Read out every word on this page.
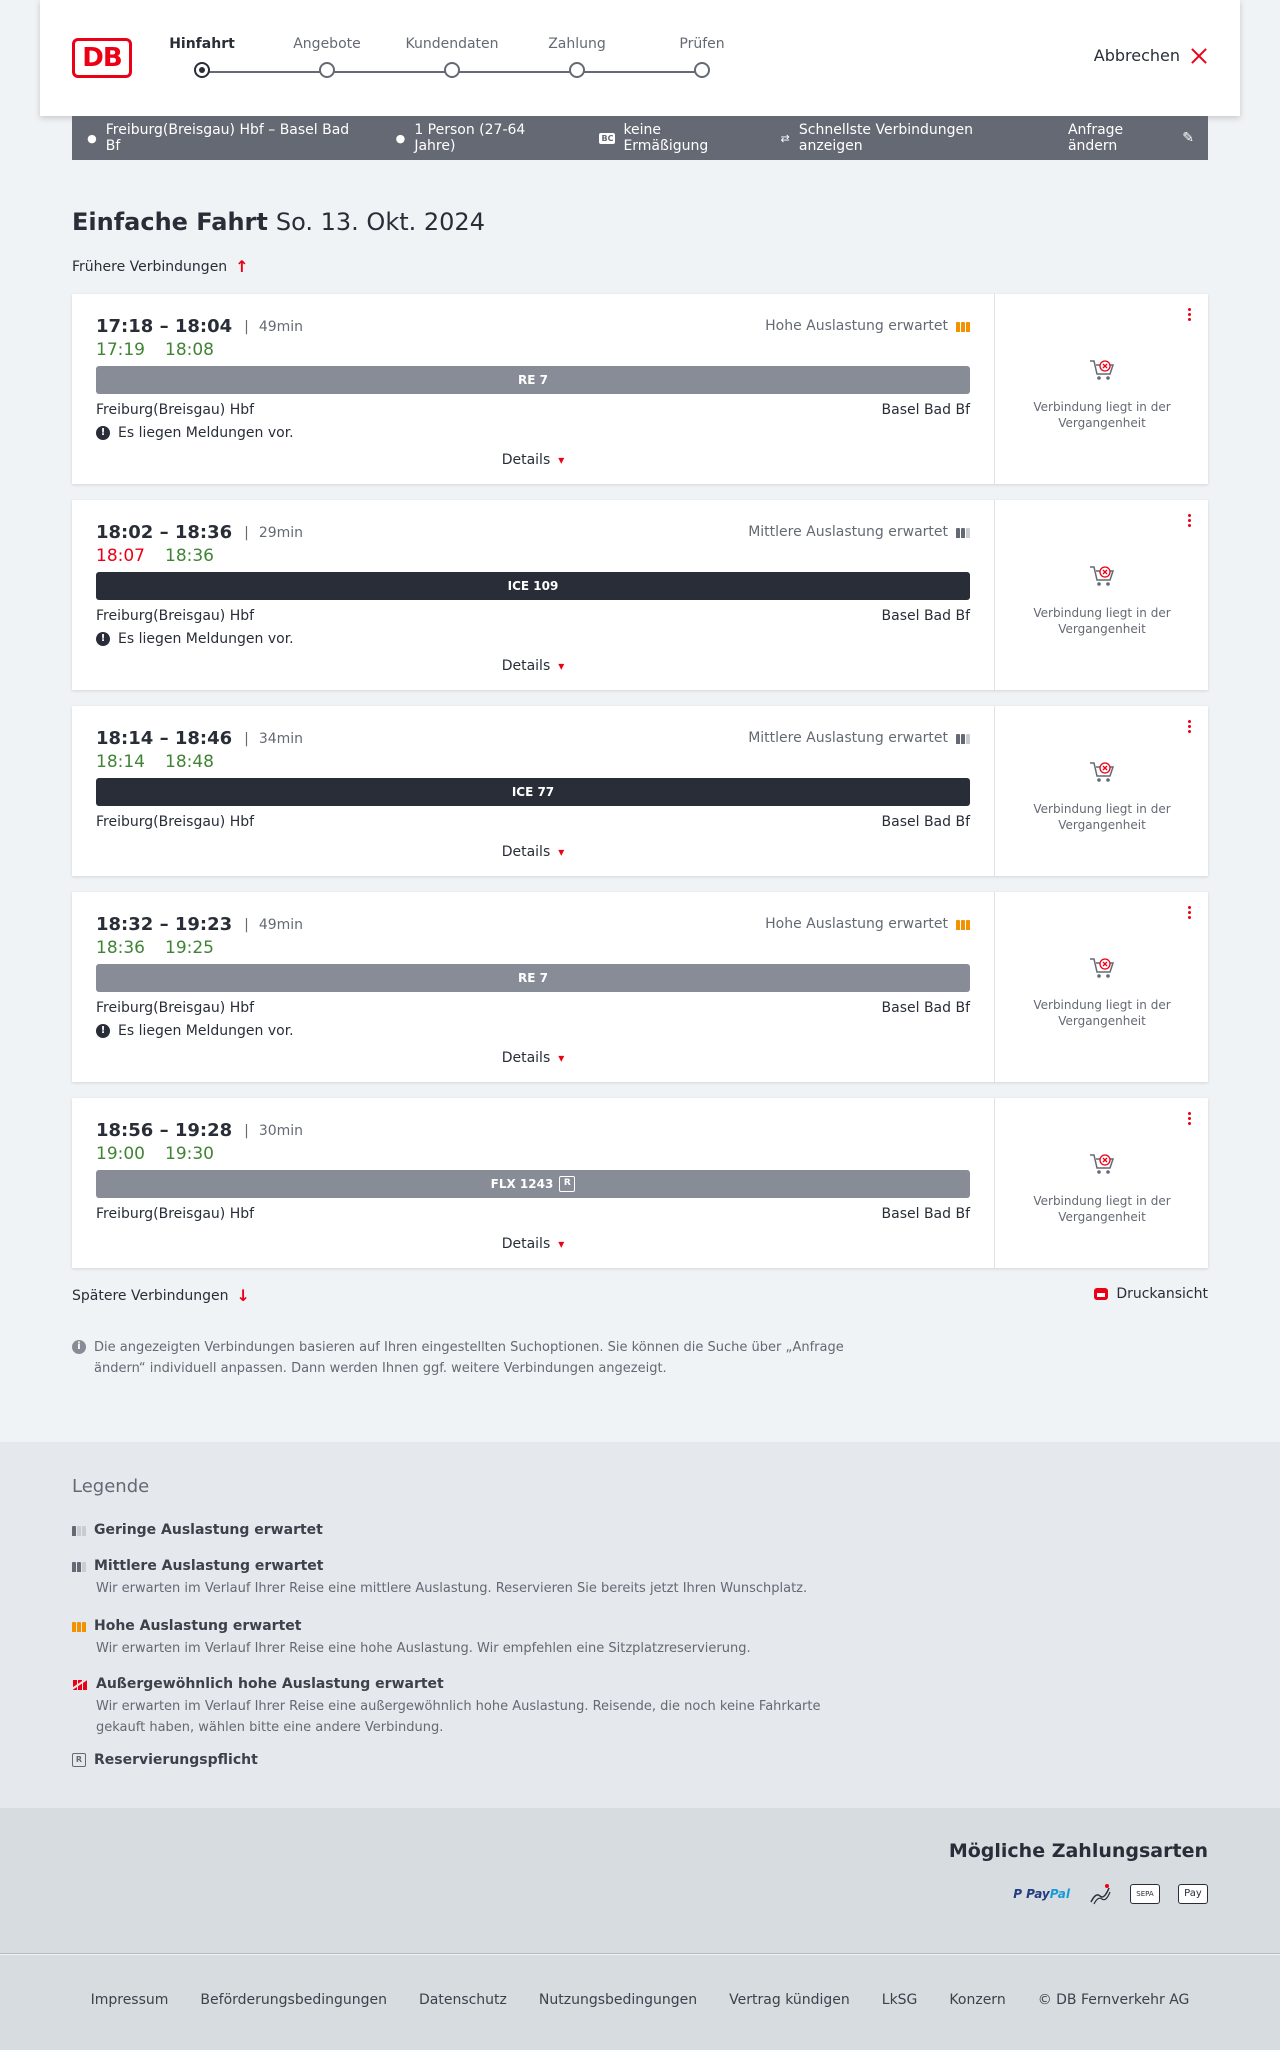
DB	Hinfahrt	Angebote	Kundendaten	Zahlung	Prüfen
Abbrechen
● Freiburg(Breisgau) Hbf – Basel Bad Bf	● 1 Person (27-64 Jahre)	BC keine Ermäßigung	⇄ Schnellste Verbindungen anzeigen
Anfrage ändern	✎
Einfache Fahrt So. 13. Okt. 2024
Frühere Verbindungen ↑
17:18 – 18:04 | 49min
17:19 18:08
Hohe Auslastung erwartet
RE 7
Freiburg(Breisgau) Hbf	Basel Bad Bf
! Es liegen Meldungen vor.
Details ▾
Verbindung liegt in der Vergangenheit
18:02 – 18:36 | 29min
18:07 18:36
Mittlere Auslastung erwartet
ICE 109
Freiburg(Breisgau) Hbf	Basel Bad Bf
! Es liegen Meldungen vor.
Details ▾
Verbindung liegt in der Vergangenheit
18:14 – 18:46 | 34min
18:14 18:48
Mittlere Auslastung erwartet
ICE 77
Freiburg(Breisgau) Hbf	Basel Bad Bf
Details ▾
Verbindung liegt in der Vergangenheit
18:32 – 19:23 | 49min
18:36 19:25
Hohe Auslastung erwartet
RE 7
Freiburg(Breisgau) Hbf	Basel Bad Bf
! Es liegen Meldungen vor.
Details ▾
Verbindung liegt in der Vergangenheit
18:56 – 19:28 | 30min
19:00 19:30
FLX 1243	R
Freiburg(Breisgau) Hbf	Basel Bad Bf
Details ▾
Verbindung liegt in der Vergangenheit
Spätere Verbindungen ↓	Druckansicht
i	Die angezeigten Verbindungen basieren auf Ihren eingestellten Suchoptionen. Sie können die Suche über „Anfrage ändern“ individuell anpassen. Dann werden Ihnen ggf. weitere Verbindungen angezeigt.
Legende
Geringe Auslastung erwartet
Mittlere Auslastung erwartet
Wir erwarten im Verlauf Ihrer Reise eine mittlere Auslastung. Reservieren Sie bereits jetzt Ihren Wunschplatz.
Hohe Auslastung erwartet
Wir erwarten im Verlauf Ihrer Reise eine hohe Auslastung. Wir empfehlen eine Sitzplatzreservierung.
Außergewöhnlich hohe Auslastung erwartet
Wir erwarten im Verlauf Ihrer Reise eine außergewöhnlich hohe Auslastung. Reisende, die noch keine Fahrkarte gekauft haben, wählen bitte eine andere Verbindung.
R Reservierungspflicht
Mögliche Zahlungsarten
P PayPal	SEPA	Pay
Impressum Beförderungsbedingungen Datenschutz Nutzungsbedingungen Vertrag kündigen LkSG Konzern © DB Fernverkehr AG
